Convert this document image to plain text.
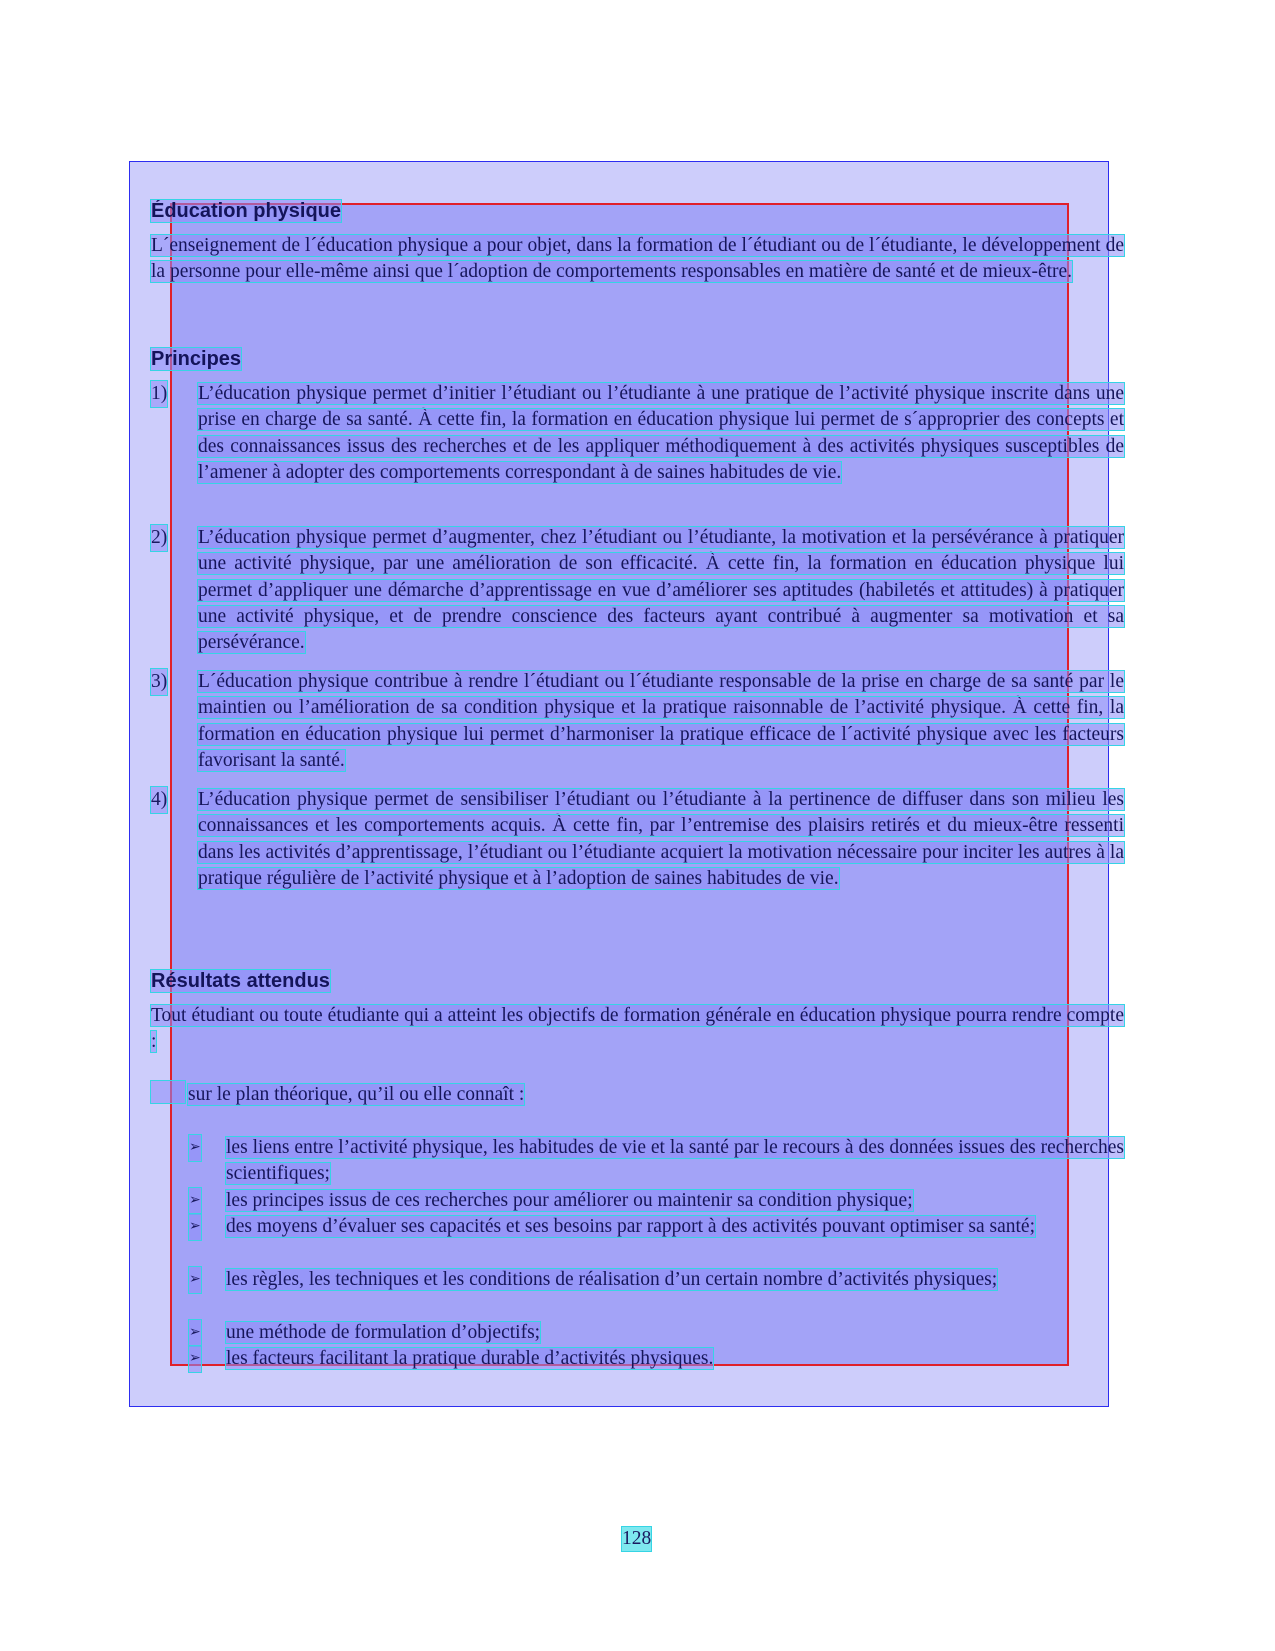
Éducation physique

L´enseignement de l´éducation physique a pour objet, dans la formation de l´étudiant ou de l´étudiante, le développement de la personne pour elle-même ainsi que l´adoption de comportements responsables en matière de santé et de mieux-être.

Principes
1) L’éducation physique permet d’initier l’étudiant ou l’étudiante à une pratique de l’activité physique inscrite dans une prise en charge de sa santé. À cette fin, la formation en éducation physique lui permet de s´approprier des concepts et des connaissances issus des recherches et de les appliquer méthodiquement à des activités physiques susceptibles de l’amener à adopter des comportements correspondant à de saines habitudes de vie.

2) L’éducation physique permet d’augmenter, chez l’étudiant ou l’étudiante, la motivation et la persévérance à pratiquer une activité physique, par une amélioration de son efficacité. À cette fin, la formation en éducation physique lui permet d’appliquer une démarche d’apprentissage en vue d’améliorer ses aptitudes (habiletés et attitudes) à pratiquer une activité physique, et de prendre conscience des facteurs ayant contribué à augmenter sa motivation et sa persévérance.

3) L´éducation physique contribue à rendre l´étudiant ou l´étudiante responsable de la prise en charge de sa santé par le maintien ou l’amélioration de sa condition physique et la pratique raisonnable de l’activité physique. À cette fin, la formation en éducation physique lui permet d’harmoniser la pratique efficace de l´activité physique avec les facteurs favorisant la santé.

4) L’éducation physique permet de sensibiliser l’étudiant ou l’étudiante à la pertinence de diffuser dans son milieu les connaissances et les comportements acquis. À cette fin, par l’entremise des plaisirs retirés et du mieux-être ressenti dans les activités d’apprentissage, l’étudiant ou l’étudiante acquiert la motivation nécessaire pour inciter les autres à la pratique régulière de l’activité physique et à l’adoption de saines habitudes de vie.

Résultats attendus

Tout étudiant ou toute étudiante qui a atteint les objectifs de formation générale en éducation physique pourra rendre compte :

sur le plan théorique, qu’il ou elle connaît :

➢ les liens entre l’activité physique, les habitudes de vie et la santé par le recours à des données issues des recherches scientifiques;

➢ les principes issus de ces recherches pour améliorer ou maintenir sa condition physique;

➢ des moyens d’évaluer ses capacités et ses besoins par rapport à des activités pouvant optimiser sa santé;

➢ les règles, les techniques et les conditions de réalisation d’un certain nombre d’activités physiques;

➢ une méthode de formulation d’objectifs;

➢ les facteurs facilitant la pratique durable d’activités physiques.

128
